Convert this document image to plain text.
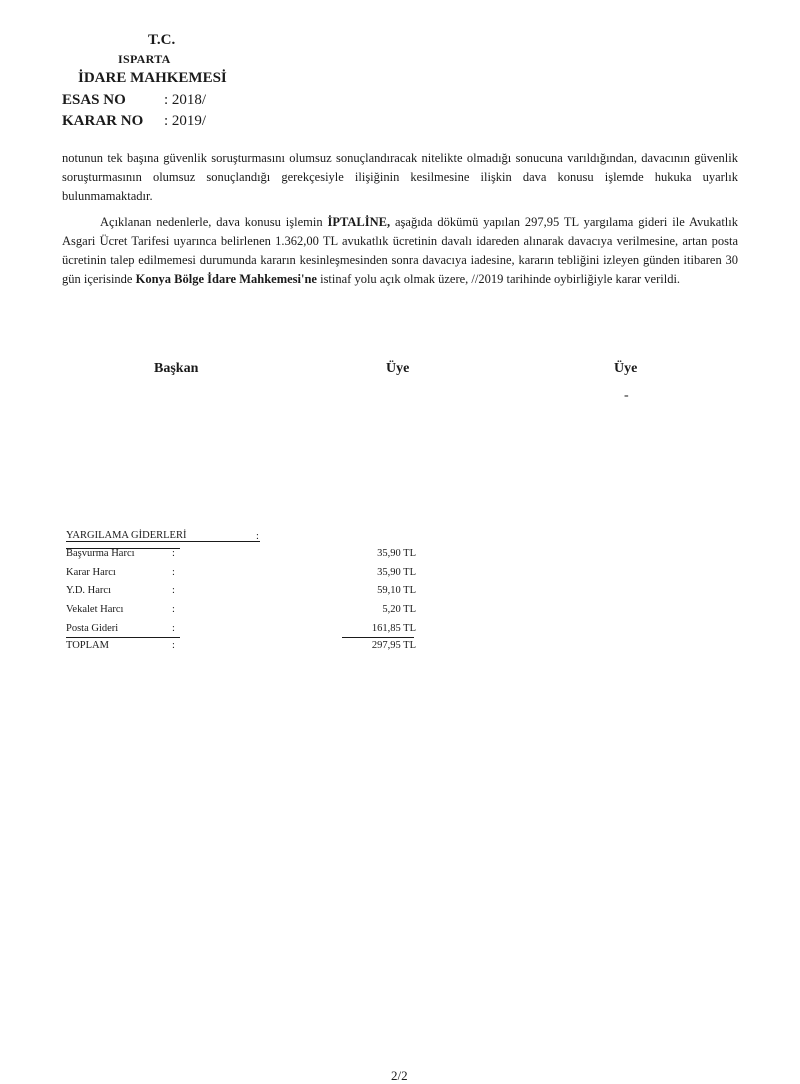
T.C.
ISPARTA
İDARE MAHKEMESİ
ESAS NO	: 2018/
KARAR NO : 2019/

notunun tek başına güvenlik soruşturmasını olumsuz sonuçlandıracak nitelikte olmadığı sonucuna varıldığından, davacının güvenlik soruşturmasının olumsuz sonuçlandığı gerekçesiyle ilişiğinin kesilmesine ilişkin dava konusu işlemde hukuka uyarlık bulunmamaktadır.

Açıklanan nedenlerle, dava konusu işlemin İPTALİNE, aşağıda dökümü yapılan 297,95 TL yargılama gideri ile Avukatlık Asgari Ücret Tarifesi uyarınca belirlenen 1.362,00 TL avukatlık ücretinin davalı idareden alınarak davacıya verilmesine, artan posta ücretinin talep edilmemesi durumunda kararın kesinleşmesinden sonra davacıya iadesine, kararın tebliğini izleyen günden itibaren 30 gün içerisinde Konya Bölge İdare Mahkemesi'ne istinaf yolu açık olmak üzere, //2019 tarihinde oybirliğiyle karar verildi.

Başkan	Üye	Üye
-
YARGILAMA GİDERLERİ	:
Başvurma Harcı	:	35,90 TL
Karar Harcı	:	35,90 TL
Y.D. Harcı	:	59,10 TL
Vekalet Harcı	:	5,20 TL
Posta Gideri	:	161,85 TL
TOPLAM	:	297,95 TL
2/2
